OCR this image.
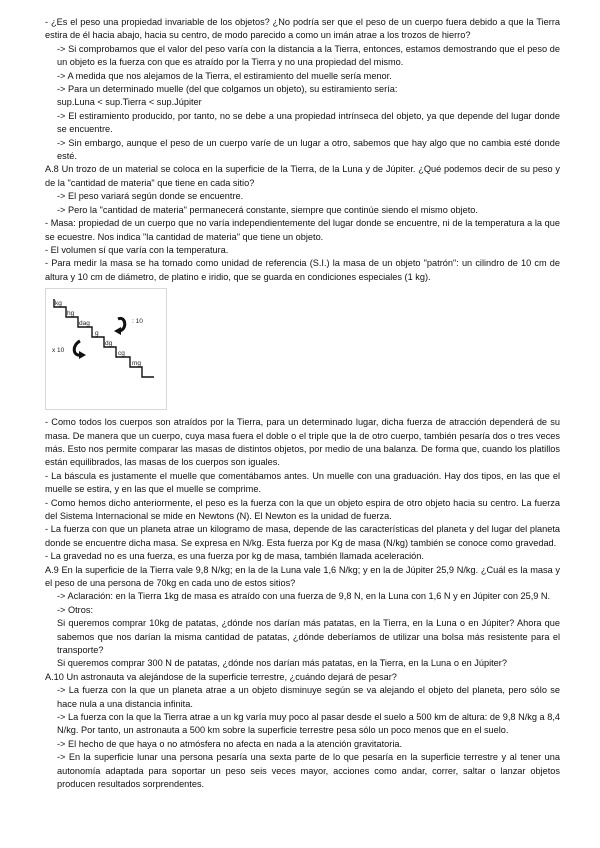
- ¿Es el peso una propiedad invariable de los objetos? ¿No podría ser que el peso de un cuerpo fuera debido a que la Tierra estira de él hacia abajo, hacia su centro, de modo parecido a como un imán atrae a los trozos de hierro?

-> Si comprobamos que el valor del peso varía con la distancia a la Tierra, entonces, estamos demostrando que el peso de un objeto es la fuerza con que es atraído por la Tierra y no una propiedad del mismo.

-> A medida que nos alejamos de la Tierra, el estiramiento del muelle sería menor.

-> Para un determinado muelle (del que colgamos un objeto), su estiramiento sería:

sup.Luna < sup.Tierra < sup.Júpiter

-> El estiramiento producido, por tanto, no se debe a una propiedad intrínseca del objeto, ya que depende del lugar donde se encuentre.

-> Sin embargo, aunque el peso de un cuerpo varíe de un lugar a otro, sabemos que hay algo que no cambia esté donde esté.

A.8 Un trozo de un material se coloca en la superficie de la Tierra, de la Luna y de Júpiter. ¿Qué podemos decir de su peso y de la "cantidad de materia" que tiene en cada sitio?

-> El peso variará según donde se encuentre.

-> Pero la "cantidad de materia" permanecerá constante, siempre que continúe siendo el mismo objeto.

- Masa: propiedad de un cuerpo que no varía independientemente del lugar donde se encuentre, ni de la temperatura a la que se ecuestre. Nos indica "la cantidad de materia" que tiene un objeto.

- El volumen sí que varía con la temperatura.

- Para medir la masa se ha tomado como unidad de referencia (S.I.) la masa de un objeto "patrón": un cilindro de 10 cm de altura y 10 cm de diámetro, de platino e iridio, que se guarda en condiciones especiales (1 kg).

kg
hg
dag
g
dg
cg
mg
: 10
x 10

- Como todos los cuerpos son atraídos por la Tierra, para un determinado lugar, dicha fuerza de atracción dependerá de su masa. De manera que un cuerpo, cuya masa fuera el doble o el triple que la de otro cuerpo, también pesaría dos o tres veces más. Esto nos permite comparar las masas de distintos objetos, por medio de una balanza. De forma que, cuando los platillos están equilibrados, las masas de los cuerpos son iguales.

- La báscula es justamente el muelle que comentábamos antes. Un muelle con una graduación. Hay dos tipos, en las que el muelle se estira, y en las que el muelle se comprime.

- Como hemos dicho anteriormente, el peso es la fuerza con la que un objeto espira de otro objeto hacia su centro. La fuerza del Sistema Internacional se mide en Newtons (N). El Newton es la unidad de fuerza.

- La fuerza con que un planeta atrae un kilogramo de masa, depende de las características del planeta y del lugar del planeta donde se encuentre dicha masa. Se expresa en N/kg. Esta fuerza por Kg de masa (N/kg) también se conoce como gravedad.

- La gravedad no es una fuerza, es una fuerza por kg de masa, también llamada aceleración.

A.9 En la superficie de la Tierra vale 9,8 N/kg; en la de la Luna vale 1,6 N/kg; y en la de Júpiter 25,9 N/kg. ¿Cuál es la masa y el peso de una persona de 70kg en cada uno de estos sitios?

-> Aclaración: en la Tierra 1kg de masa es atraído con una fuerza de 9,8 N, en la Luna con 1,6 N y en Júpiter con 25,9 N.

-> Otros:

Si queremos comprar 10kg de patatas, ¿dónde nos darían más patatas, en la Tierra, en la Luna o en Júpiter? Ahora que sabemos que nos darían la misma cantidad de patatas, ¿dónde deberíamos de utilizar una bolsa más resistente para el transporte?

Si queremos comprar 300 N de patatas, ¿dónde nos darían más patatas, en la Tierra, en la Luna o en Júpiter?

A.10 Un astronauta va alejándose de la superficie terrestre, ¿cuándo dejará de pesar?

-> La fuerza con la que un planeta atrae a un objeto disminuye según se va alejando el objeto del planeta, pero sólo se hace nula a una distancia infinita.

-> La fuerza con la que la Tierra atrae a un kg varía muy poco al pasar desde el suelo a 500 km de altura: de 9,8 N/kg a 8,4 N/kg. Por tanto, un astronauta a 500 km sobre la superficie terrestre pesa sólo un poco menos que en el suelo.

-> El hecho de que haya o no atmósfera no afecta en nada a la atención gravitatoria.

-> En la superficie lunar una persona pesaría una sexta parte de lo que pesaría en la superficie terrestre y al tener una autonomía adaptada para soportar un peso seis veces mayor, acciones como andar, correr, saltar o lanzar objetos producen resultados sorprendentes.
